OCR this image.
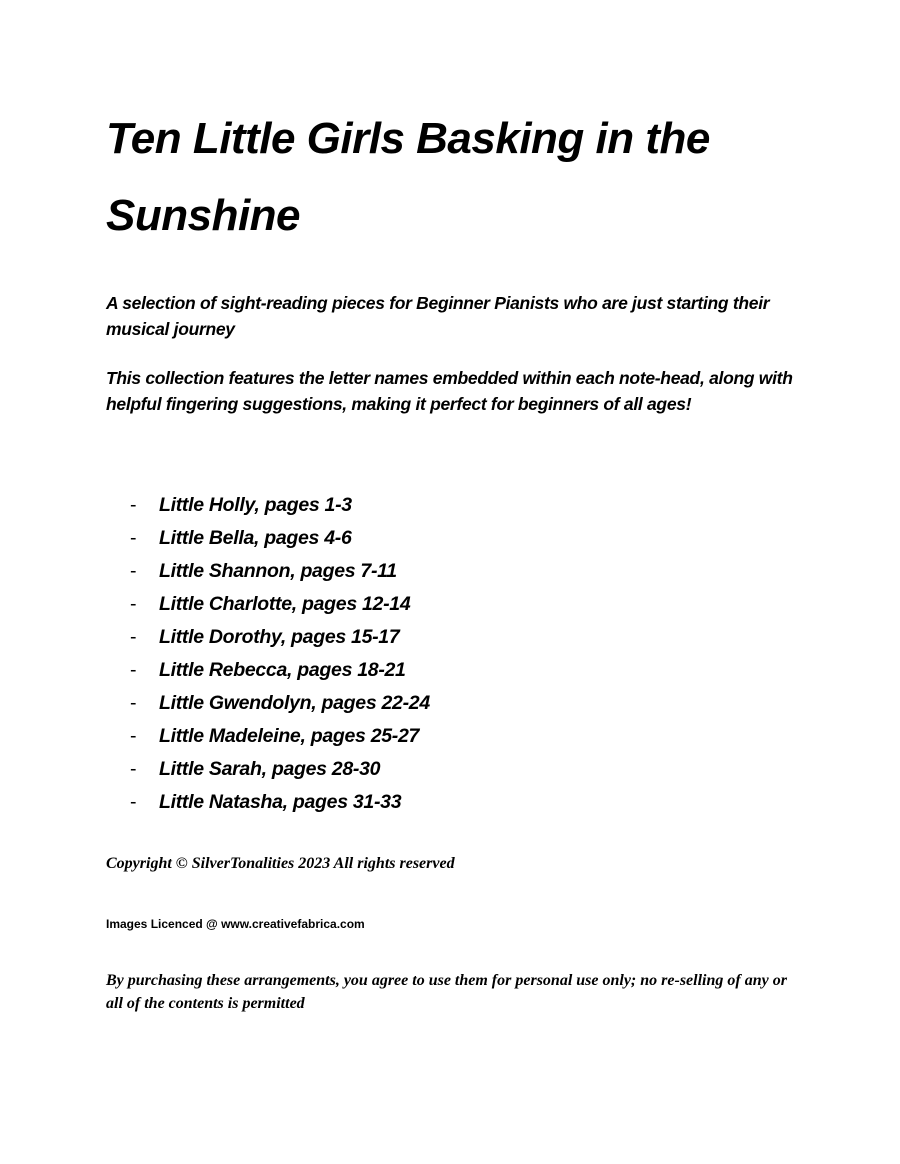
Ten Little Girls Basking in the Sunshine

A selection of sight-reading pieces for Beginner Pianists who are just starting their musical journey

This collection features the letter names embedded within each note-head, along with helpful fingering suggestions, making it perfect for beginners of all ages!

- Little Holly, pages 1-3
- Little Bella, pages 4-6
- Little Shannon, pages 7-11
- Little Charlotte, pages 12-14
- Little Dorothy, pages 15-17
- Little Rebecca, pages 18-21
- Little Gwendolyn, pages 22-24
- Little Madeleine, pages 25-27
- Little Sarah, pages 28-30
- Little Natasha, pages 31-33

Copyright © SilverTonalities 2023 All rights reserved

Images Licenced @ www.creativefabrica.com

By purchasing these arrangements, you agree to use them for personal use only; no re-selling of any or all of the contents is permitted
